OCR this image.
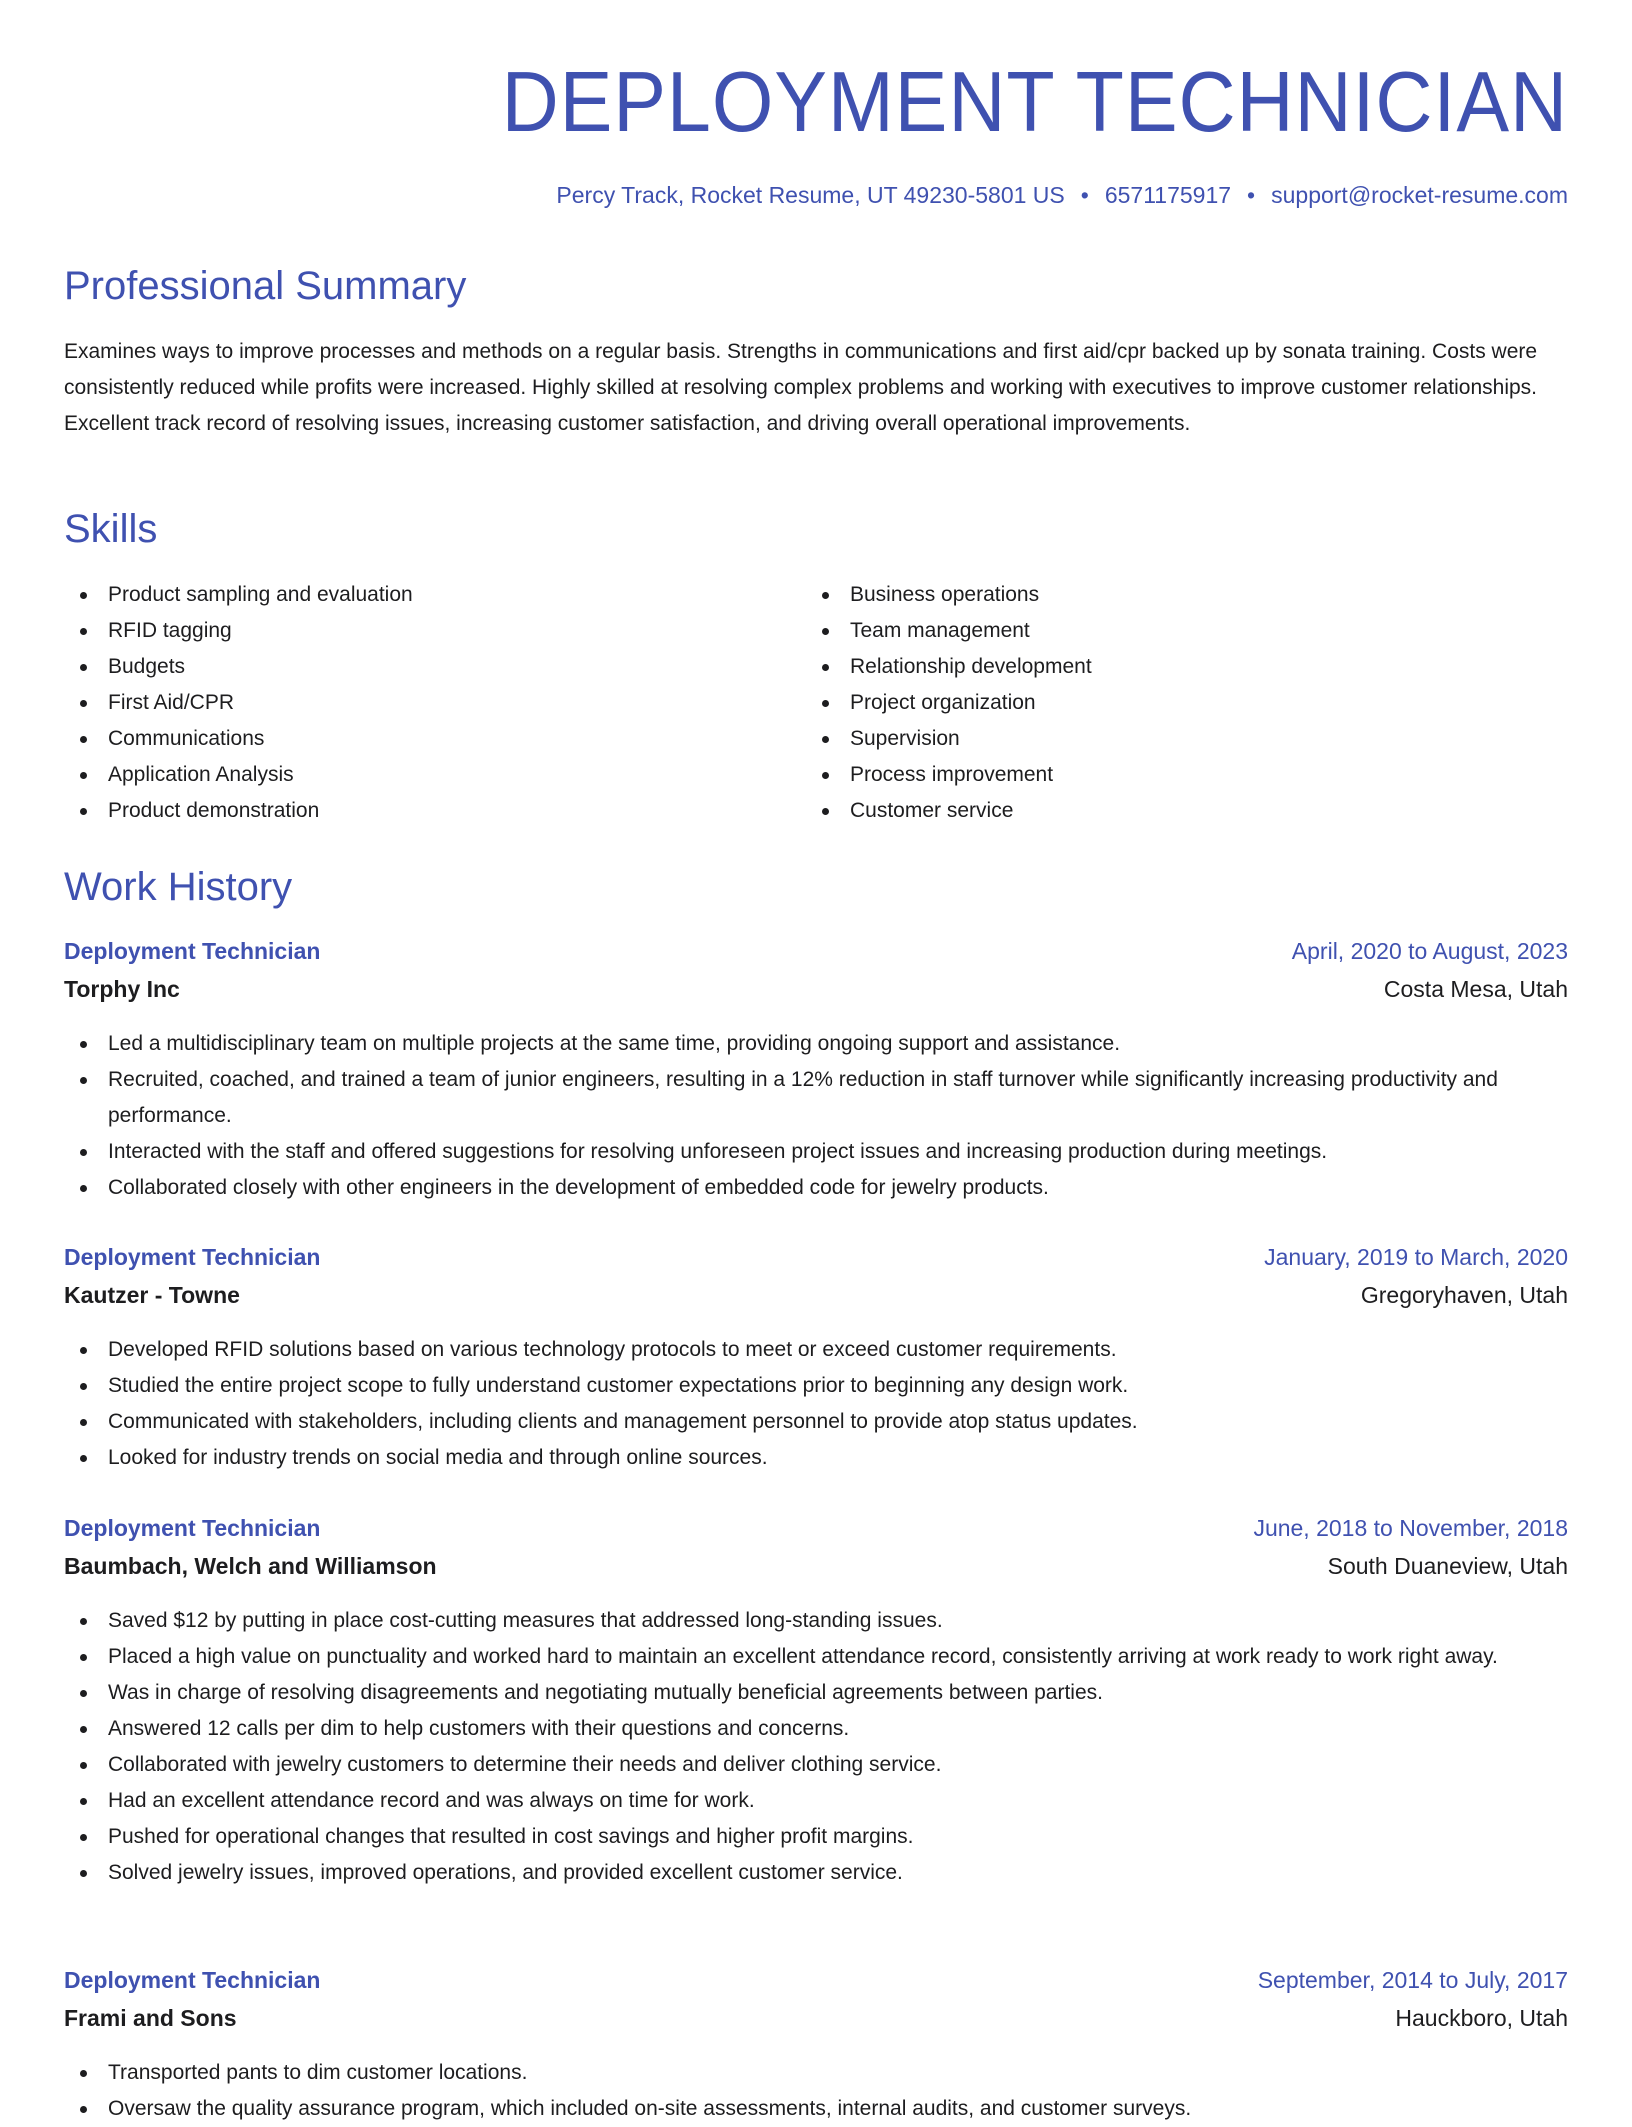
DEPLOYMENT TECHNICIAN
Percy Track, Rocket Resume, UT 49230-5801 US • 6571175917 • support@rocket-resume.com
Professional Summary

Examines ways to improve processes and methods on a regular basis. Strengths in communications and first aid/cpr backed up by sonata training. Costs were consistently reduced while profits were increased. Highly skilled at resolving complex problems and working with executives to improve customer relationships. Excellent track record of resolving issues, increasing customer satisfaction, and driving overall operational improvements.

Skills
Product sampling and evaluation
RFID tagging
Budgets
First Aid/CPR
Communications
Application Analysis
Product demonstration
Business operations
Team management
Relationship development
Project organization
Supervision
Process improvement
Customer service
Work History
Deployment Technician	April, 2020 to August, 2023
Torphy Inc	Costa Mesa, Utah
Led a multidisciplinary team on multiple projects at the same time, providing ongoing support and assistance.
Recruited, coached, and trained a team of junior engineers, resulting in a 12% reduction in staff turnover while significantly increasing productivity and performance.
Interacted with the staff and offered suggestions for resolving unforeseen project issues and increasing production during meetings.
Collaborated closely with other engineers in the development of embedded code for jewelry products.
Deployment Technician	January, 2019 to March, 2020
Kautzer - Towne	Gregoryhaven, Utah
Developed RFID solutions based on various technology protocols to meet or exceed customer requirements.
Studied the entire project scope to fully understand customer expectations prior to beginning any design work.
Communicated with stakeholders, including clients and management personnel to provide atop status updates.
Looked for industry trends on social media and through online sources.
Deployment Technician	June, 2018 to November, 2018
Baumbach, Welch and Williamson	South Duaneview, Utah
Saved $12 by putting in place cost-cutting measures that addressed long-standing issues.
Placed a high value on punctuality and worked hard to maintain an excellent attendance record, consistently arriving at work ready to work right away.
Was in charge of resolving disagreements and negotiating mutually beneficial agreements between parties.
Answered 12 calls per dim to help customers with their questions and concerns.
Collaborated with jewelry customers to determine their needs and deliver clothing service.
Had an excellent attendance record and was always on time for work.
Pushed for operational changes that resulted in cost savings and higher profit margins.
Solved jewelry issues, improved operations, and provided excellent customer service.
Deployment Technician	September, 2014 to July, 2017
Frami and Sons	Hauckboro, Utah
Transported pants to dim customer locations.
Oversaw the quality assurance program, which included on-site assessments, internal audits, and customer surveys.
